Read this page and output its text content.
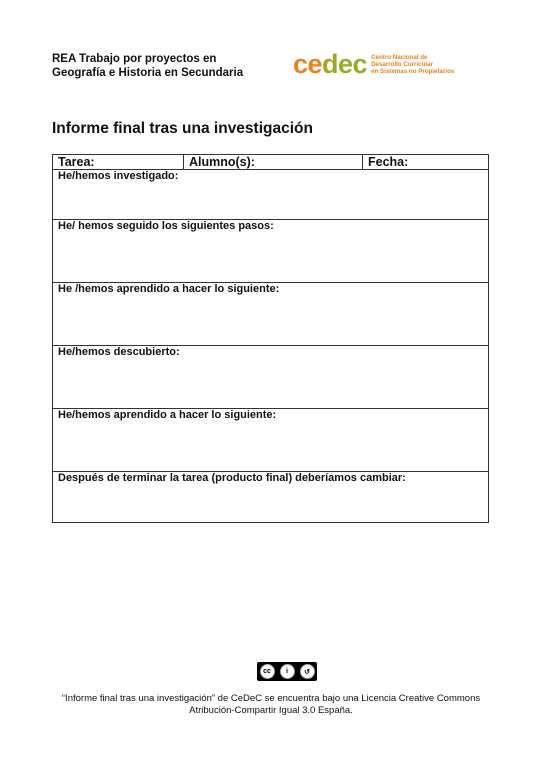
REA Trabajo por proyectos en
Geografía e Historia en Secundaria cedec Centro Nacional de
Desarrollo Curricular
en Sistemas no Propietarios
Informe final tras una investigación
Tarea:	Alumno(s):	Fecha:
He/hemos investigado:
He/ hemos seguido los siguientes pasos:
He /hemos aprendido a hacer lo siguiente:
He/hemos descubierto:
He/hemos aprendido a hacer lo siguiente:
Después de terminar la tarea (producto final) deberíamos cambiar:
cc	i	↺
“Informe final tras una investigación” de CeDeC se encuentra bajo una Licencia Creative Commons
Atribución-Compartir Igual 3.0 España.
